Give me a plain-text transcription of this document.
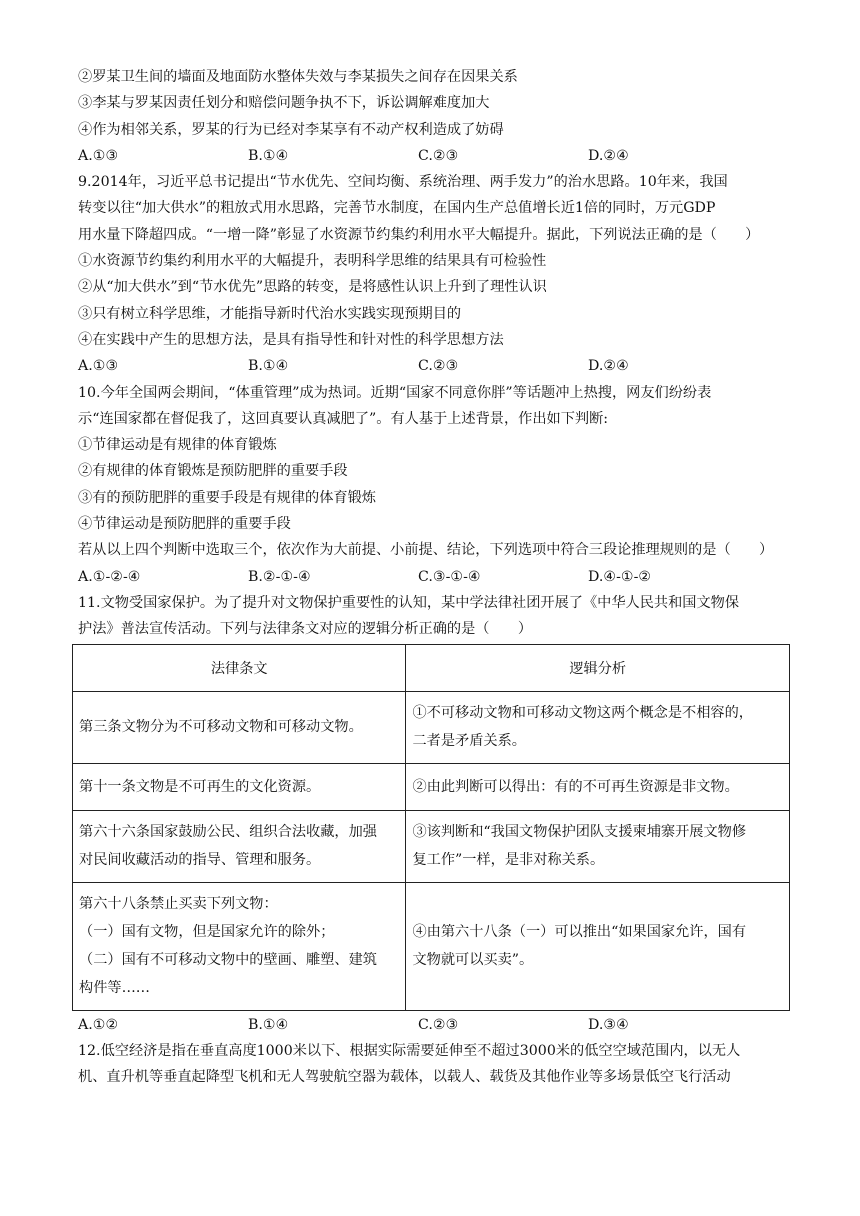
②罗某卫生间的墙面及地面防水整体失效与李某损失之间存在因果关系
③李某与罗某因责任划分和赔偿问题争执不下，诉讼调解难度加大
④作为相邻关系，罗某的行为已经对李某享有不动产权利造成了妨碍
A.①③	B.①④	C.②③	D.②④
9.2014年，习近平总书记提出“节水优先、空间均衡、系统治理、两手发力”的治水思路。10年来，我国
转变以往“加大供水”的粗放式用水思路，完善节水制度，在国内生产总值增长近1倍的同时，万元GDP
用水量下降超四成。“一增一降”彰显了水资源节约集约利用水平大幅提升。据此，下列说法正确的是（　　）
①水资源节约集约利用水平的大幅提升，表明科学思维的结果具有可检验性
②从“加大供水”到“节水优先”思路的转变，是将感性认识上升到了理性认识
③只有树立科学思维，才能指导新时代治水实践实现预期目的
④在实践中产生的思想方法，是具有指导性和针对性的科学思想方法
A.①③	B.①④	C.②③	D.②④
10.今年全国两会期间，“体重管理”成为热词。近期“国家不同意你胖”等话题冲上热搜，网友们纷纷表
示“连国家都在督促我了，这回真要认真减肥了”。有人基于上述背景，作出如下判断:
①节律运动是有规律的体育锻炼
②有规律的体育锻炼是预防肥胖的重要手段
③有的预防肥胖的重要手段是有规律的体育锻炼
④节律运动是预防肥胖的重要手段
若从以上四个判断中选取三个，依次作为大前提、小前提、结论，下列选项中符合三段论推理规则的是（　　）
A.①-②-④	B.②-①-④	C.③-①-④	D.④-①-②
11.文物受国家保护。为了提升对文物保护重要性的认知，某中学法律社团开展了《中华人民共和国文物保
护法》普法宣传活动。下列与法律条文对应的逻辑分析正确的是（　　）
法律条文	逻辑分析

第三条文物分为不可移动文物和可移动文物。	①不可移动文物和可移动文物这两个概念是不相容的，
二者是矛盾关系。

第十一条文物是不可再生的文化资源。	②由此判断可以得出：有的不可再生资源是非文物。

第六十六条国家鼓励公民、组织合法收藏，加强
对民间收藏活动的指导、管理和服务。	③该判断和“我国文物保护团队支援柬埔寨开展文物修
复工作”一样，是非对称关系。

第六十八条禁止买卖下列文物：
（一）国有文物，但是国家允许的除外；
（二）国有不可移动文物中的壁画、雕塑、建筑
构件等……	④由第六十八条（一）可以推出“如果国家允许，国有
文物就可以买卖”。
A.①②	B.①④	C.②③	D.③④
12.低空经济是指在垂直高度1000米以下、根据实际需要延伸至不超过3000米的低空空域范围内，以无人
机、直升机等垂直起降型飞机和无人驾驶航空器为载体，以载人、载货及其他作业等多场景低空飞行活动
